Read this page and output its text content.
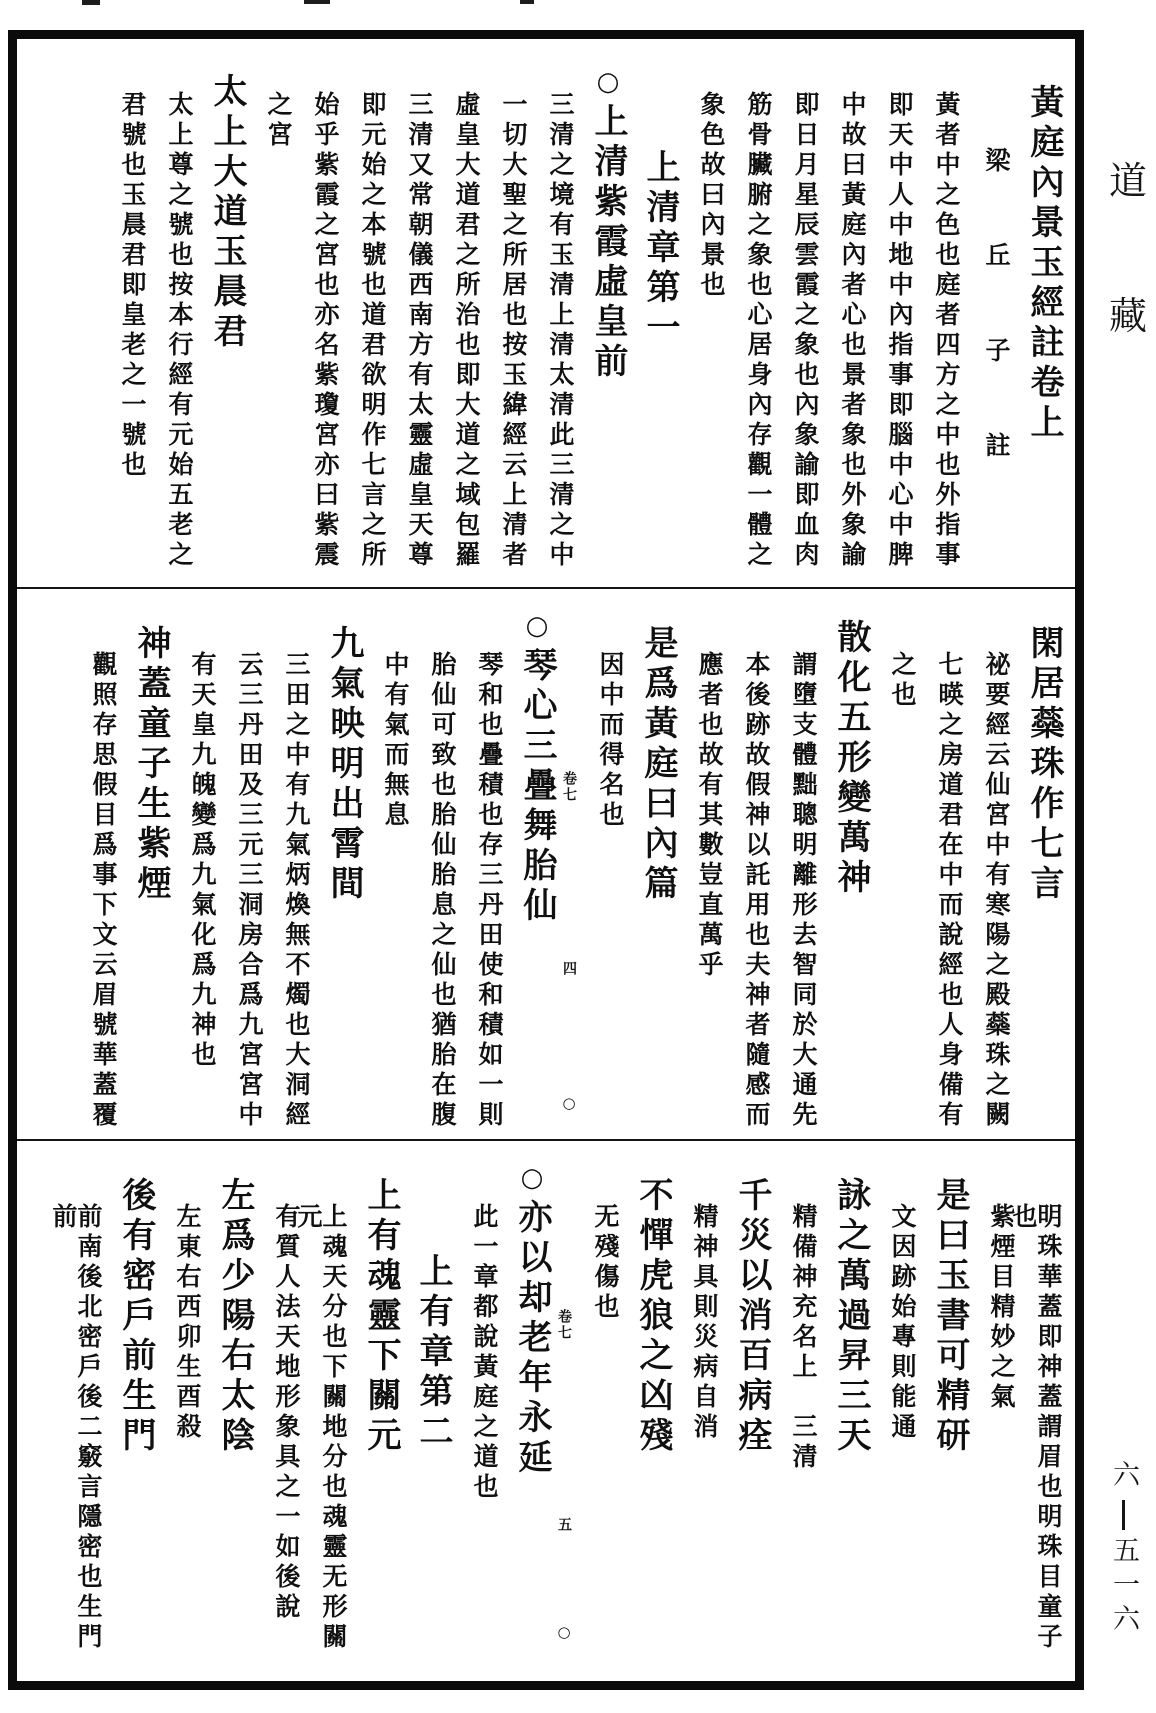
黃庭內景玉經註卷上
梁丘子註
黃者中之色也庭者四方之中也外指事
即天中人中地中內指事即腦中心中脾
中故曰黃庭內者心也景者象也外象諭
即日月星辰雲霞之象也內象諭即血肉
筋骨臟腑之象也心居身內存觀一體之
象色故曰內景也
上清章第一
○上清紫霞虛皇前
三清之境有玉清上清太清此三清之中
一切大聖之所居也按玉緯經云上清者
虛皇大道君之所治也即大道之域包羅
三清又常朝儀西南方有太靈虛皇天尊
即元始之本號也道君欲明作七言之所
始乎紫霞之宮也亦名紫瓊宮亦曰紫震
之宮
太上大道玉晨君
太上尊之號也按本行經有元始五老之
君號也玉晨君即皇老之一號也
閑居蘂珠作七言
祕要經云仙宮中有寒陽之殿蘂珠之闕
七暎之房道君在中而說經也人身備有
之也
散化五形變萬神
謂墮支體黜聰明離形去智同於大通先
本後跡故假神以託用也夫神者隨感而
應者也故有其數豈直萬乎
是爲黃庭曰內篇
因中而得名也
卷七
四
○
○琴心三疊舞胎仙
琴和也疊積也存三丹田使和積如一則
胎仙可致也胎仙胎息之仙也猶胎在腹
中有氣而無息
九氣映明出霄間
三田之中有九氣炳煥無不燭也大洞經
云三丹田及三元三洞房合爲九宮宮中
有天皇九魄變爲九氣化爲九神也
神蓋童子生紫煙
觀照存思假目爲事下文云眉號華蓋覆
明珠華蓋即神蓋謂眉也明珠目童子也
紫煙目精妙之氣
是曰玉書可精研
文因跡始專則能通
詠之萬過昇三天
精備神充名上　三清
千災以消百病痊
精神具則災病自消
不憚虎狼之凶殘
无殘傷也
卷七
五
○
○亦以却老年永延
此一章都說黃庭之道也
上有章第二
上有魂靈下關元
上魂天分也下關地分也魂靈无形關元
有質人法天地形象具之一如後說
左爲少陽右太陰
左東右西卯生酉殺
後有密戶前生門
前南後北密戶後二竅言隱密也生門前
道
藏
六五一六
